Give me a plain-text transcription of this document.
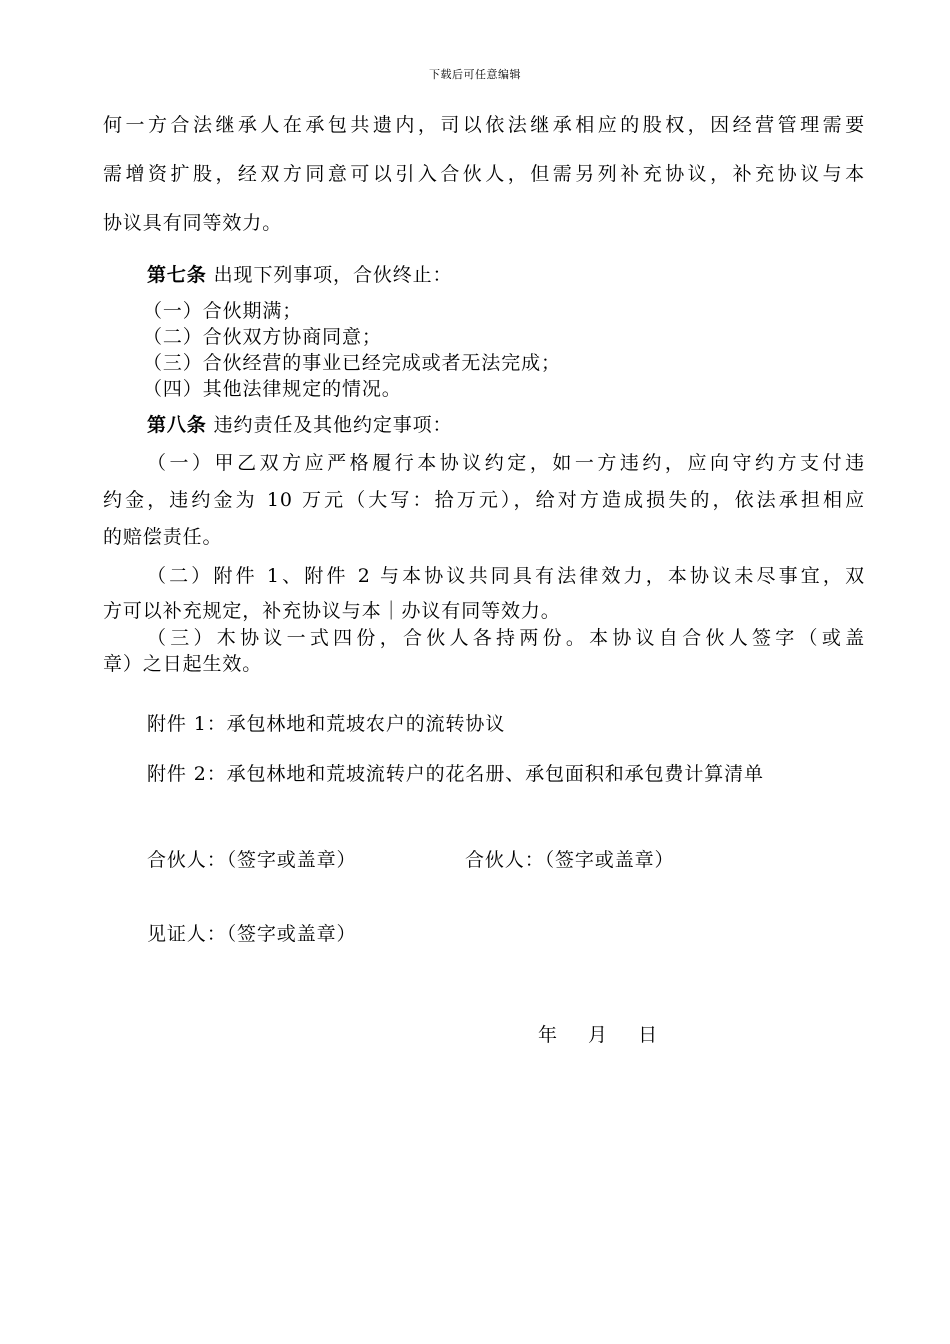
下载后可任意编辑
何一方合法继承人在承包共遗内，司以依法继承相应的股权，因经营管理需要
需增资扩股，经双方同意可以引入合伙人，但需另列补充协议，补充协议与本
协议具有同等效力。
第七条 出现下列事项，合伙终止：
（一）合伙期满；
（二）合伙双方协商同意；
（三）合伙经营的事业已经完成或者无法完成；
（四）其他法律规定的情况。
第八条 违约责任及其他约定事项：
（一）甲乙双方应严格履行本协议约定，如一方违约，应向守约方支付违
约金，违约金为 10 万元（大写：拾万元），给对方造成损失的，依法承担相应
的赔偿责任。
（二）附件 1、附件 2 与本协议共同具有法律效力，本协议未尽事宜，双
方可以补充规定，补充协议与本｜办议有同等效力。
（三）木协议一式四份，合伙人各持两份。本协议自合伙人签字（或盖
章）之日起生效。
附件 1：承包林地和荒坡农户的流转协议
附件 2：承包林地和荒坡流转户的花名册、承包面积和承包费计算清单
合伙人：（签字或盖章）	合伙人：（签字或盖章）
见证人：（签字或盖章）
年　 月　 日
